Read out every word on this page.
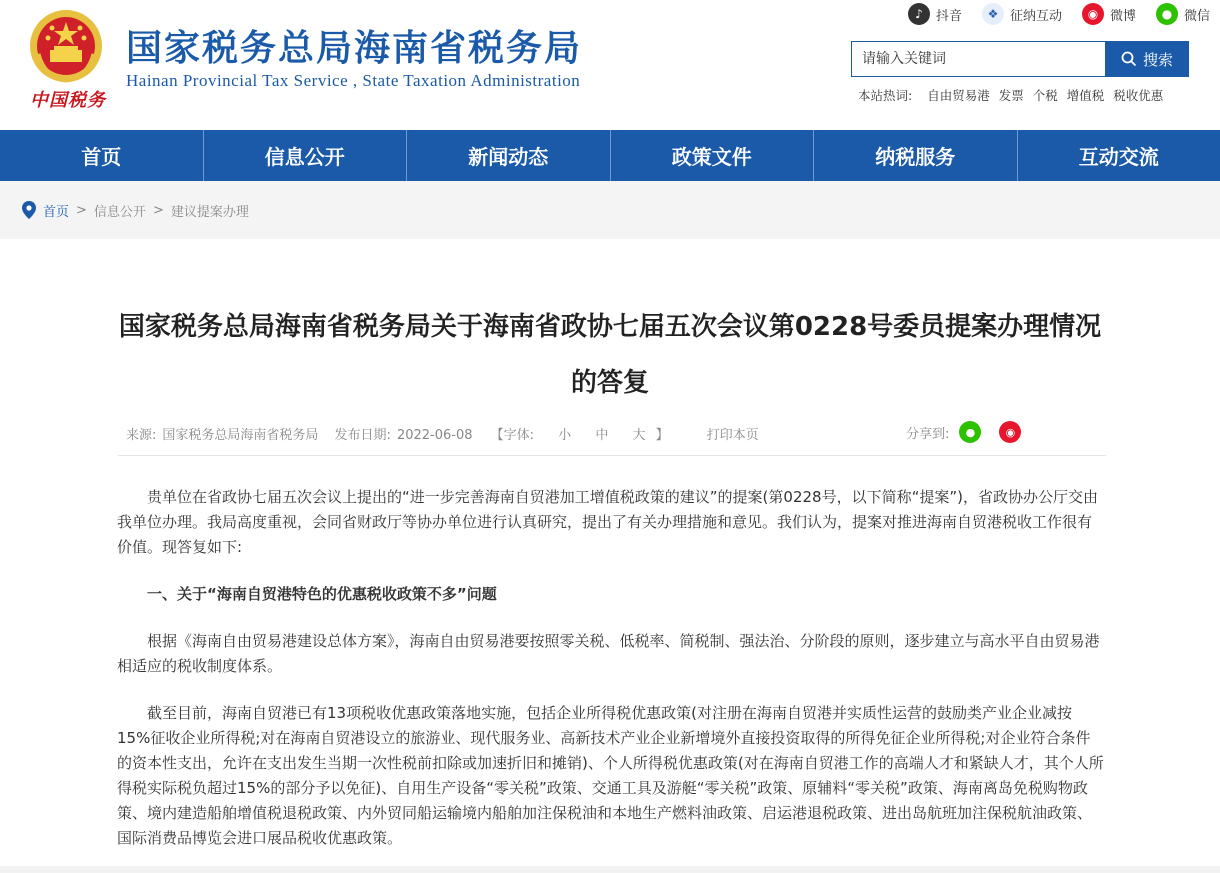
中国税务
国家税务总局海南省税务局
Hainan Provincial Tax Service , State Taxation Administration
♪	抖音	❖ 征纳互动	◉ 微博	● 微信
请输入关键词
搜索
本站热词: 自由贸易港 发票 个税 增值税 税收优惠
首页	信息公开	新闻动态	政策文件	纳税服务	互动交流
首页 > 信息公开 > 建议提案办理
国家税务总局海南省税务局关于海南省政协七届五次会议第0228号委员提案办理情况的答复
来源: 国家税务总局海南省税务局 发布日期: 2022-06-08 【字体: 小 中 大 】	打印本页	分享到:	●	◉

贵单位在省政协七届五次会议上提出的“进一步完善海南自贸港加工增值税政策的建议”的提案(第0228号，以下简称“提案”)，省政协办公厅交由我单位办理。我局高度重视，会同省财政厅等协办单位进行认真研究，提出了有关办理措施和意见。我们认为，提案对推进海南自贸港税收工作很有价值。现答复如下:

一、关于“海南自贸港特色的优惠税收政策不多”问题

根据《海南自由贸易港建设总体方案》，海南自由贸易港要按照零关税、低税率、简税制、强法治、分阶段的原则，逐步建立与高水平自由贸易港相适应的税收制度体系。

截至目前，海南自贸港已有13项税收优惠政策落地实施，包括企业所得税优惠政策(对注册在海南自贸港并实质性运营的鼓励类产业企业减按15%征收企业所得税;对在海南自贸港设立的旅游业、现代服务业、高新技术产业企业新增境外直接投资取得的所得免征企业所得税;对企业符合条件的资本性支出，允许在支出发生当期一次性税前扣除或加速折旧和摊销)、个人所得税优惠政策(对在海南自贸港工作的高端人才和紧缺人才，其个人所得税实际税负超过15%的部分予以免征)、自用生产设备“零关税”政策、交通工具及游艇“零关税”政策、原辅料“零关税”政策、海南离岛免税购物政策、境内建造船舶增值税退税政策、内外贸同船运输境内船舶加注保税油和本地生产燃料油政策、启运港退税政策、进出岛航班加注保税航油政策、国际消费品博览会进口展品税收优惠政策。
